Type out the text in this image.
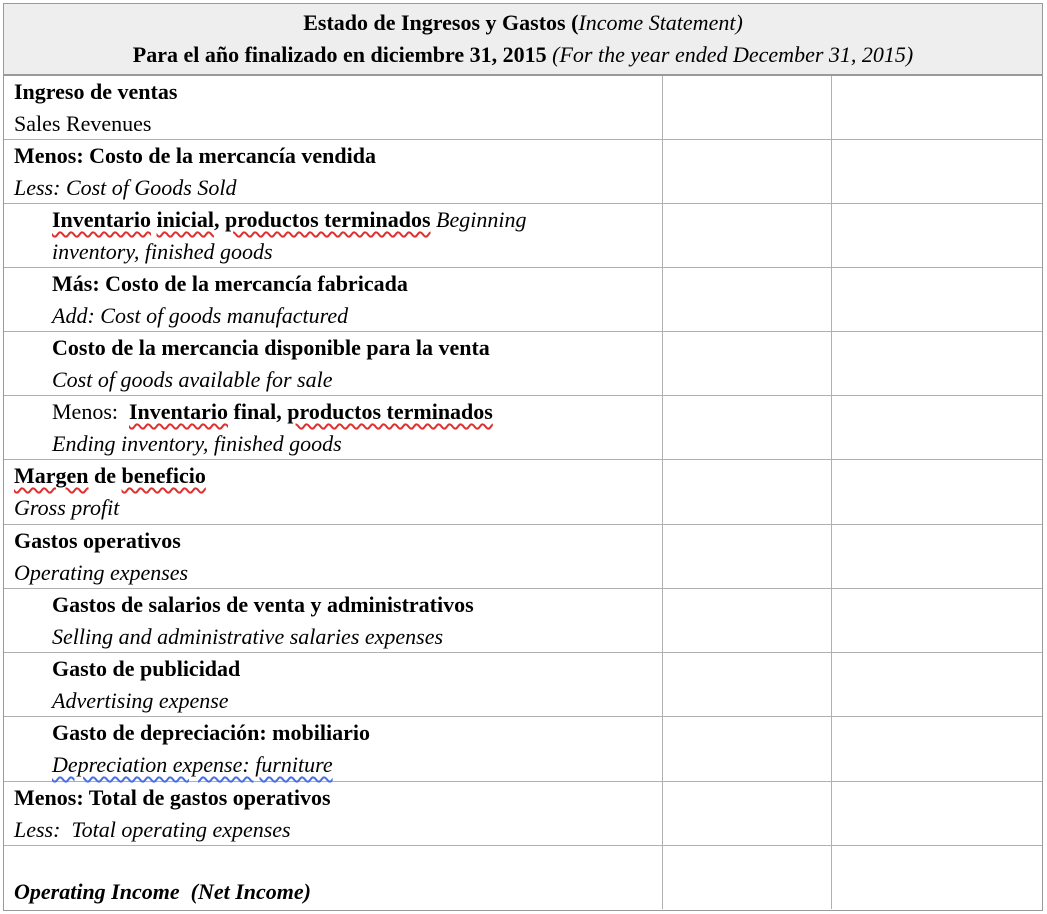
Estado de Ingresos y Gastos (Income Statement)
Para el año finalizado en diciembre 31, 2015 (For the year ended December 31, 2015)
Ingreso de ventas
Sales Revenues
Menos: Costo de la mercancía vendida
Less: Cost of Goods Sold
Inventario inicial, productos terminados Beginning
inventory, finished goods
Más: Costo de la mercancía fabricada
Add: Cost of goods manufactured
Costo de la mercancia disponible para la venta
Cost of goods available for sale
Menos:  Inventario final, productos terminados
Ending inventory, finished goods
Margen de beneficio
Gross profit
Gastos operativos
Operating expenses
Gastos de salarios de venta y administrativos
Selling and administrative salaries expenses
Gasto de publicidad
Advertising expense
Gasto de depreciación: mobiliario
Depreciation expense: furniture
Menos: Total de gastos operativos
Less:  Total operating expenses
Operating Income  (Net Income)
